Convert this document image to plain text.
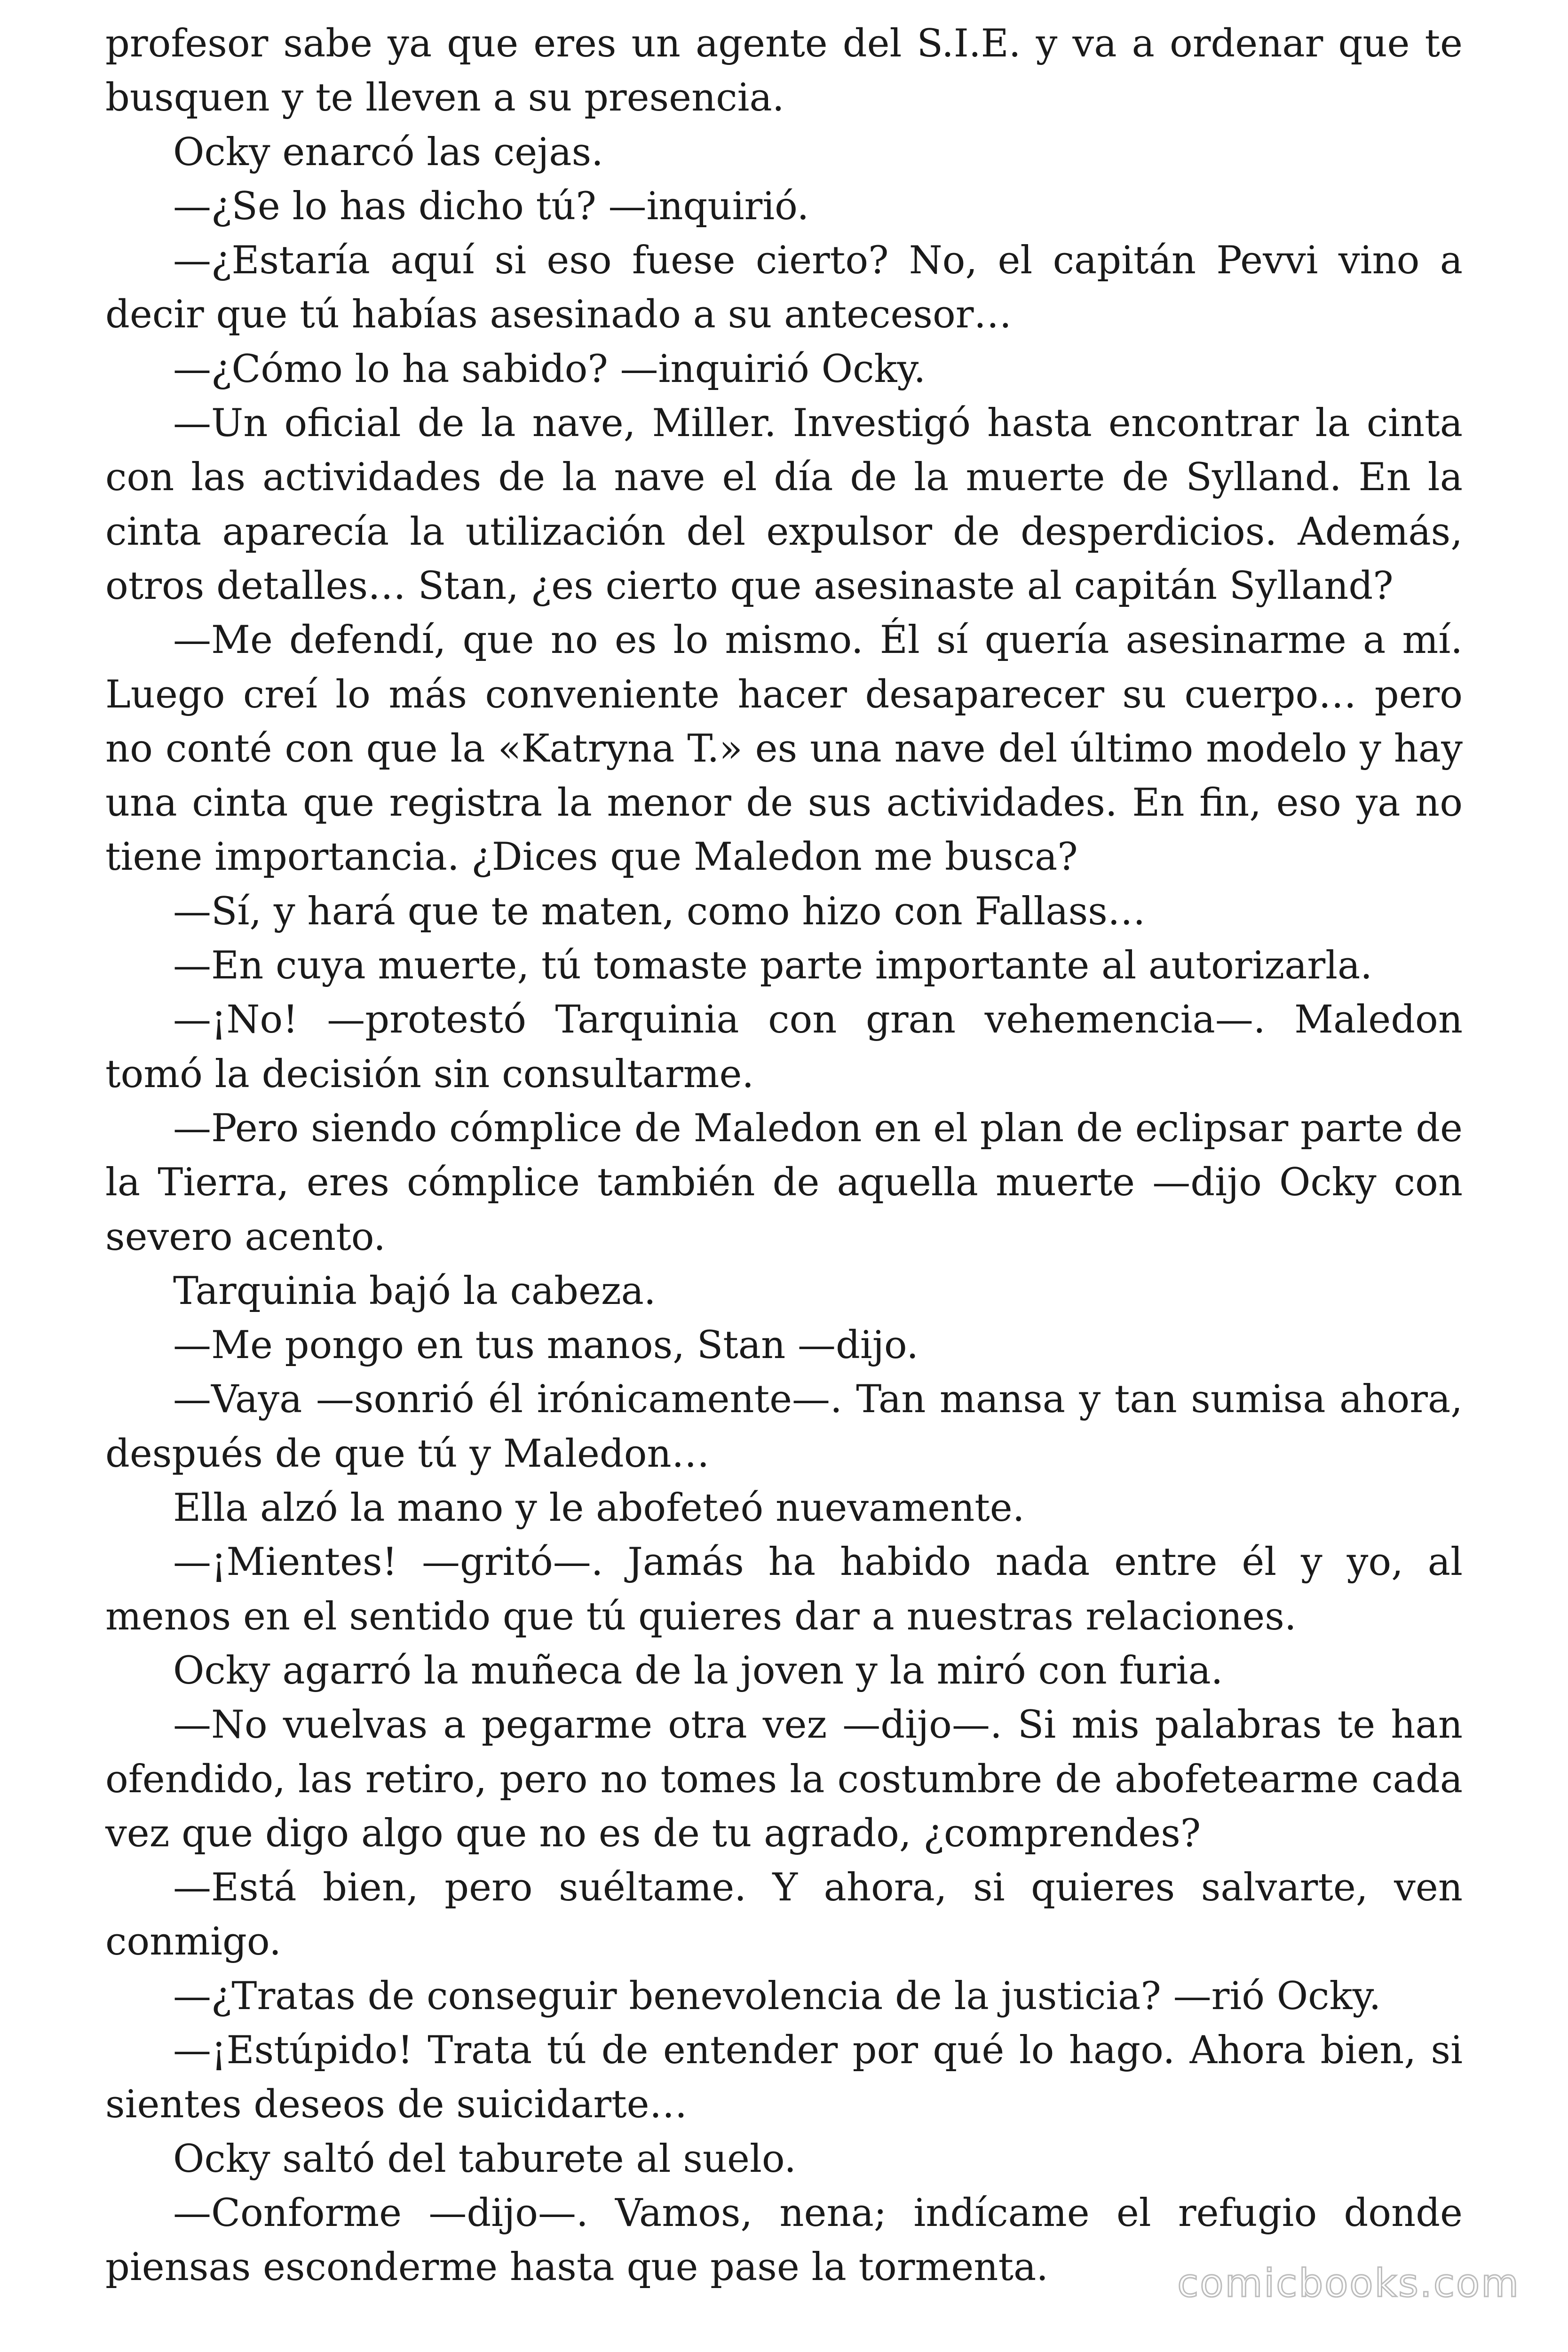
profesor sabe ya que eres un agente del S.I.E. y va a ordenar que te busquen y te lleven a su presencia.

Ocky enarcó las cejas.

—¿Se lo has dicho tú? —inquirió.

—¿Estaría aquí si eso fuese cierto? No, el capitán Pevvi vino a decir que tú habías asesinado a su antecesor…

—¿Cómo lo ha sabido? —inquirió Ocky.

—Un oficial de la nave, Miller. Investigó hasta encontrar la cinta con las actividades de la nave el día de la muerte de Sylland. En la cinta aparecía la utilización del expulsor de desperdicios. Además, otros detalles… Stan, ¿es cierto que asesinaste al capitán Sylland?

—Me defendí, que no es lo mismo. Él sí quería asesinarme a mí. Luego creí lo más conveniente hacer desaparecer su cuerpo… pero no conté con que la «Katryna T.» es una nave del último modelo y hay una cinta que registra la menor de sus actividades. En fin, eso ya no tiene importancia. ¿Dices que Maledon me busca?

—Sí, y hará que te maten, como hizo con Fallass…

—En cuya muerte, tú tomaste parte importante al autorizarla.

—¡No! —protestó Tarquinia con gran vehemencia—. Maledon tomó la decisión sin consultarme.

—Pero siendo cómplice de Maledon en el plan de eclipsar parte de la Tierra, eres cómplice también de aquella muerte —dijo Ocky con severo acento.

Tarquinia bajó la cabeza.

—Me pongo en tus manos, Stan —dijo.

—Vaya —sonrió él irónicamente—. Tan mansa y tan sumisa ahora, después de que tú y Maledon…

Ella alzó la mano y le abofeteó nuevamente.

—¡Mientes! —gritó—. Jamás ha habido nada entre él y yo, al menos en el sentido que tú quieres dar a nuestras relaciones.

Ocky agarró la muñeca de la joven y la miró con furia.

—No vuelvas a pegarme otra vez —dijo—. Si mis palabras te han ofendido, las retiro, pero no tomes la costumbre de abofetearme cada vez que digo algo que no es de tu agrado, ¿comprendes?

—Está bien, pero suéltame. Y ahora, si quieres salvarte, ven conmigo.

—¿Tratas de conseguir benevolencia de la justicia? —rió Ocky.

—¡Estúpido! Trata tú de entender por qué lo hago. Ahora bien, si sientes deseos de suicidarte…

Ocky saltó del taburete al suelo.

—Conforme —dijo—. Vamos, nena; indícame el refugio donde piensas esconderme hasta que pase la tormenta.	comicbooks.com
